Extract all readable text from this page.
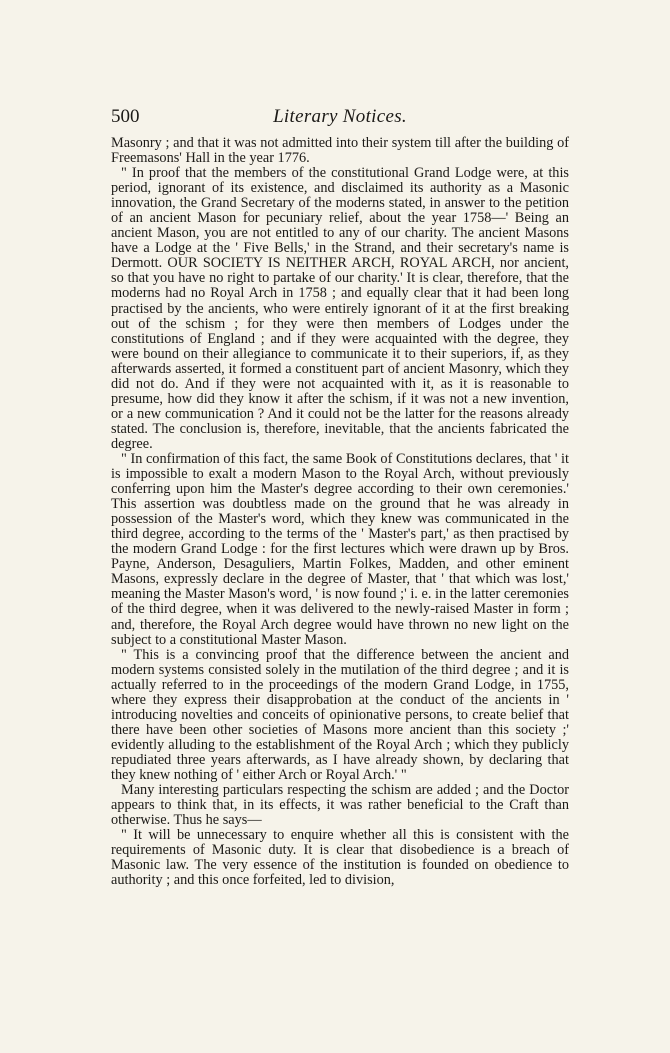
500	Literary Notices.

Masonry ; and that it was not admitted into their system till after the building of Freemasons' Hall in the year 1776.

" In proof that the members of the constitutional Grand Lodge were, at this period, ignorant of its existence, and disclaimed its authority as a Masonic innovation, the Grand Secretary of the moderns stated, in answer to the petition of an ancient Mason for pecuniary relief, about the year 1758—' Being an ancient Mason, you are not entitled to any of our charity. The ancient Masons have a Lodge at the ' Five Bells,' in the Strand, and their secretary's name is Dermott. OUR SOCIETY IS NEITHER ARCH, ROYAL ARCH, nor ancient, so that you have no right to partake of our charity.' It is clear, therefore, that the moderns had no Royal Arch in 1758 ; and equally clear that it had been long practised by the ancients, who were entirely ignorant of it at the first breaking out of the schism ; for they were then members of Lodges under the constitutions of England ; and if they were acquainted with the degree, they were bound on their allegiance to communicate it to their superiors, if, as they afterwards asserted, it formed a constituent part of ancient Masonry, which they did not do. And if they were not acquainted with it, as it is reasonable to presume, how did they know it after the schism, if it was not a new invention, or a new communication ? And it could not be the latter for the reasons already stated. The conclusion is, therefore, inevitable, that the ancients fabricated the degree.

" In confirmation of this fact, the same Book of Constitutions declares, that ' it is impossible to exalt a modern Mason to the Royal Arch, without previously conferring upon him the Master's degree according to their own ceremonies.' This assertion was doubtless made on the ground that he was already in possession of the Master's word, which they knew was communicated in the third degree, according to the terms of the ' Master's part,' as then practised by the modern Grand Lodge : for the first lectures which were drawn up by Bros. Payne, Anderson, Desaguliers, Martin Folkes, Madden, and other eminent Masons, expressly declare in the degree of Master, that ' that which was lost,' meaning the Master Mason's word, ' is now found ;' i. e. in the latter ceremonies of the third degree, when it was delivered to the newly-raised Master in form ; and, therefore, the Royal Arch degree would have thrown no new light on the subject to a constitutional Master Mason.

" This is a convincing proof that the difference between the ancient and modern systems consisted solely in the mutilation of the third degree ; and it is actually referred to in the proceedings of the modern Grand Lodge, in 1755, where they express their disapprobation at the conduct of the ancients in ' introducing novelties and conceits of opinionative persons, to create belief that there have been other societies of Masons more ancient than this society ;' evidently alluding to the establishment of the Royal Arch ; which they publicly repudiated three years afterwards, as I have already shown, by declaring that they knew nothing of ' either Arch or Royal Arch.' "

Many interesting particulars respecting the schism are added ; and the Doctor appears to think that, in its effects, it was rather beneficial to the Craft than otherwise. Thus he says—

" It will be unnecessary to enquire whether all this is consistent with the requirements of Masonic duty. It is clear that disobedience is a breach of Masonic law. The very essence of the institution is founded on obedience to authority ; and this once forfeited, led to division,
